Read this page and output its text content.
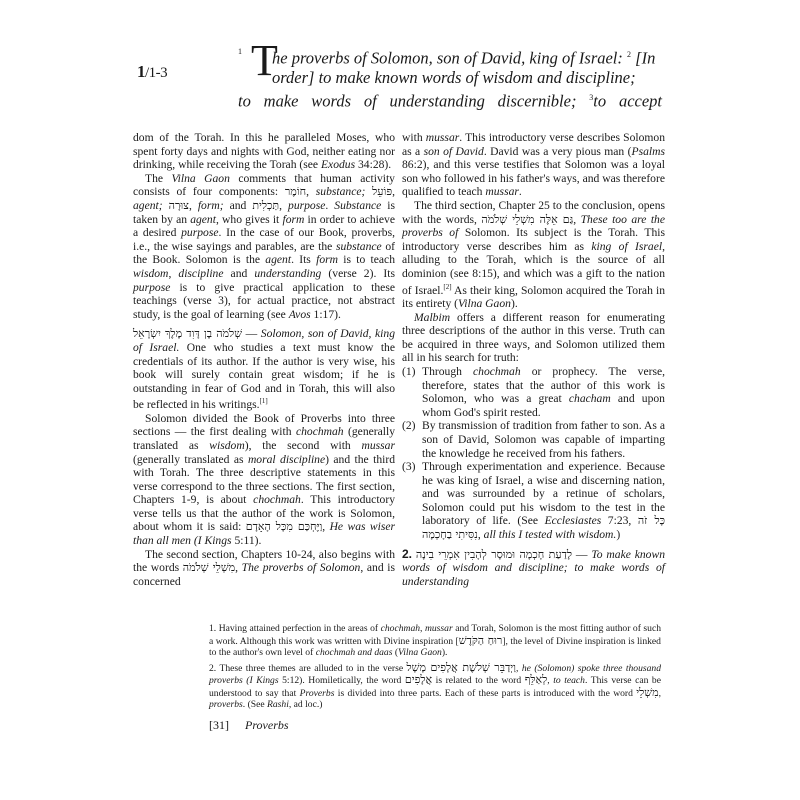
1/1-3
1 T
he proverbs of Solomon, son of David, king of Israel: $^2$ [In
order] to make known words of wisdom and discipline;
to make words of understanding discernible; $^3$to accept

dom of the Torah. In this he paralleled Moses, who spent forty days and nights with God, neither eating nor drinking, while receiving the Torah (see Exodus 34:28).

The Vilna Gaon comments that human activity consists of four components: חוֹמֶר, substance; פּוֹעֵל, agent; צוּרָה, form; and תַּכְלִית, purpose. Substance is taken by an agent, who gives it form in order to achieve a desired purpose. In the case of our Book, proverbs, i.e., the wise sayings and parables, are the substance of the Book. Solomon is the agent. Its form is to teach wisdom, discipline and understanding (verse 2). Its purpose is to give practical application to these teachings (verse 3), for actual practice, not abstract study, is the goal of learning (see Avos 1:17).

שְׁלֹמֹה בֶן דָּוִד מֶלֶךְ יִשְׂרָאֵל — Solomon, son of David, king of Israel. One who studies a text must know the credentials of its author. If the author is very wise, his book will surely contain great wisdom; if he is outstanding in fear of God and in Torah, this will also be reflected in his writings.[1]

Solomon divided the Book of Proverbs into three sections — the first dealing with chochmah (generally translated as wisdom), the second with mussar (generally translated as moral discipline) and the third with Torah. The three descriptive statements in this verse correspond to the three sections. The first section, Chapters 1-9, is about chochmah. This introductory verse tells us that the author of the work is Solomon, about whom it is said: וַיֶּחְכַּם מִכָּל הָאָדָם, He was wiser than all men (I Kings 5:11).

The second section, Chapters 10-24, also begins with the words מִשְׁלֵי שְׁלֹמֹה, The proverbs of Solomon, and is concerned

with mussar. This introductory verse describes Solomon as a son of David. David was a very pious man (Psalms 86:2), and this verse testifies that Solomon was a loyal son who followed in his father's ways, and was therefore qualified to teach mussar.

The third section, Chapter 25 to the conclusion, opens with the words, גַּם אֵלֶּה מִשְׁלֵי שְׁלֹמֹה, These too are the proverbs of Solomon. Its subject is the Torah. This introductory verse describes him as king of Israel, alluding to the Torah, which is the source of all dominion (see 8:15), and which was a gift to the nation of Israel.[2] As their king, Solomon acquired the Torah in its entirety (Vilna Gaon).

Malbim offers a different reason for enumerating three descriptions of the author in this verse. Truth can be acquired in three ways, and Solomon utilized them all in his search for truth:

(1) Through chochmah or prophecy. The verse, therefore, states that the author of this work is Solomon, who was a great chacham and upon whom God's spirit rested.
(2) By transmission of tradition from father to son. As a son of David, Solomon was capable of imparting the knowledge he received from his fathers.
(3) Through experimentation and experience. Because he was king of Israel, a wise and discerning nation, and was surrounded by a retinue of scholars, Solomon could put his wisdom to the test in the laboratory of life. (See Ecclesiastes 7:23, כָּל זֹה נִסִּיתִי בַחָכְמָה, all this I tested with wisdom.)

2. לָדַעַת חָכְמָה וּמוּסָר לְהָבִין אִמְרֵי בִינָה — To make known words of wisdom and discipline; to make words of understanding

1. Having attained perfection in the areas of chochmah, mussar and Torah, Solomon is the most fitting author of such a work. Although this work was written with Divine inspiration [רוּחַ הַקֹּדֶשׁ], the level of Divine inspiration is linked to the author's own level of chochmah and daas (Vilna Gaon).

2. These three themes are alluded to in the verse וַיְדַבֵּר שְׁלֹשֶׁת אֲלָפִים מָשָׁל, he (Solomon) spoke three thousand proverbs (I Kings 5:12). Homiletically, the word אֲלָפִים is related to the word לְאַלֵּף, to teach. This verse can be understood to say that Proverbs is divided into three parts. Each of these parts is introduced with the word מִשְׁלֵי, proverbs. (See Rashi, ad loc.)

[31] Proverbs
